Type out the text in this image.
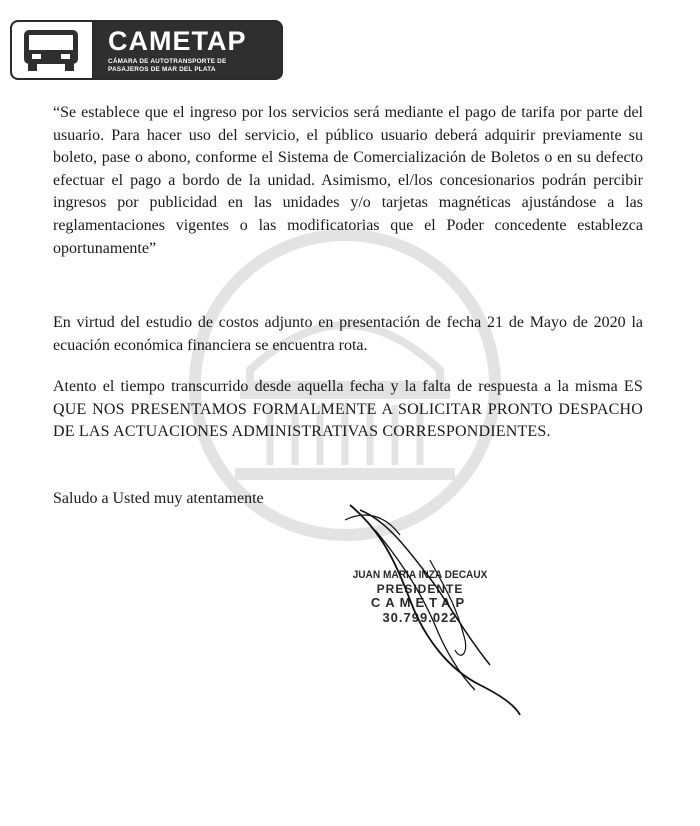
CAMETAP
CÁMARA DE AUTOTRANSPORTE DE
PASAJEROS DE MAR DEL PLATA
“Se establece que el ingreso por los servicios será mediante el pago de tarifa por parte del usuario. Para hacer uso del servicio, el público usuario deberá adquirir previamente su boleto, pase o abono, conforme el Sistema de Comercialización de Boletos o en su defecto efectuar el pago a bordo de la unidad. Asimismo, el/los concesionarios podrán percibir ingresos por publicidad en las unidades y/o tarjetas magnéticas ajustándose a las reglamentaciones vigentes o las modificatorias que el Poder concedente establezca oportunamente”
En virtud del estudio de costos adjunto en presentación de fecha 21 de Mayo de 2020 la ecuación económica financiera se encuentra rota.
Atento el tiempo transcurrido desde aquella fecha y la falta de respuesta a la misma ES QUE NOS PRESENTAMOS FORMALMENTE A SOLICITAR PRONTO DESPACHO DE LAS ACTUACIONES ADMINISTRATIVAS CORRESPONDIENTES.
Saludo a Usted muy atentamente
JUAN MARIA INZA DECAUX
PRESIDENTE
CAMETAP
30.799.022
